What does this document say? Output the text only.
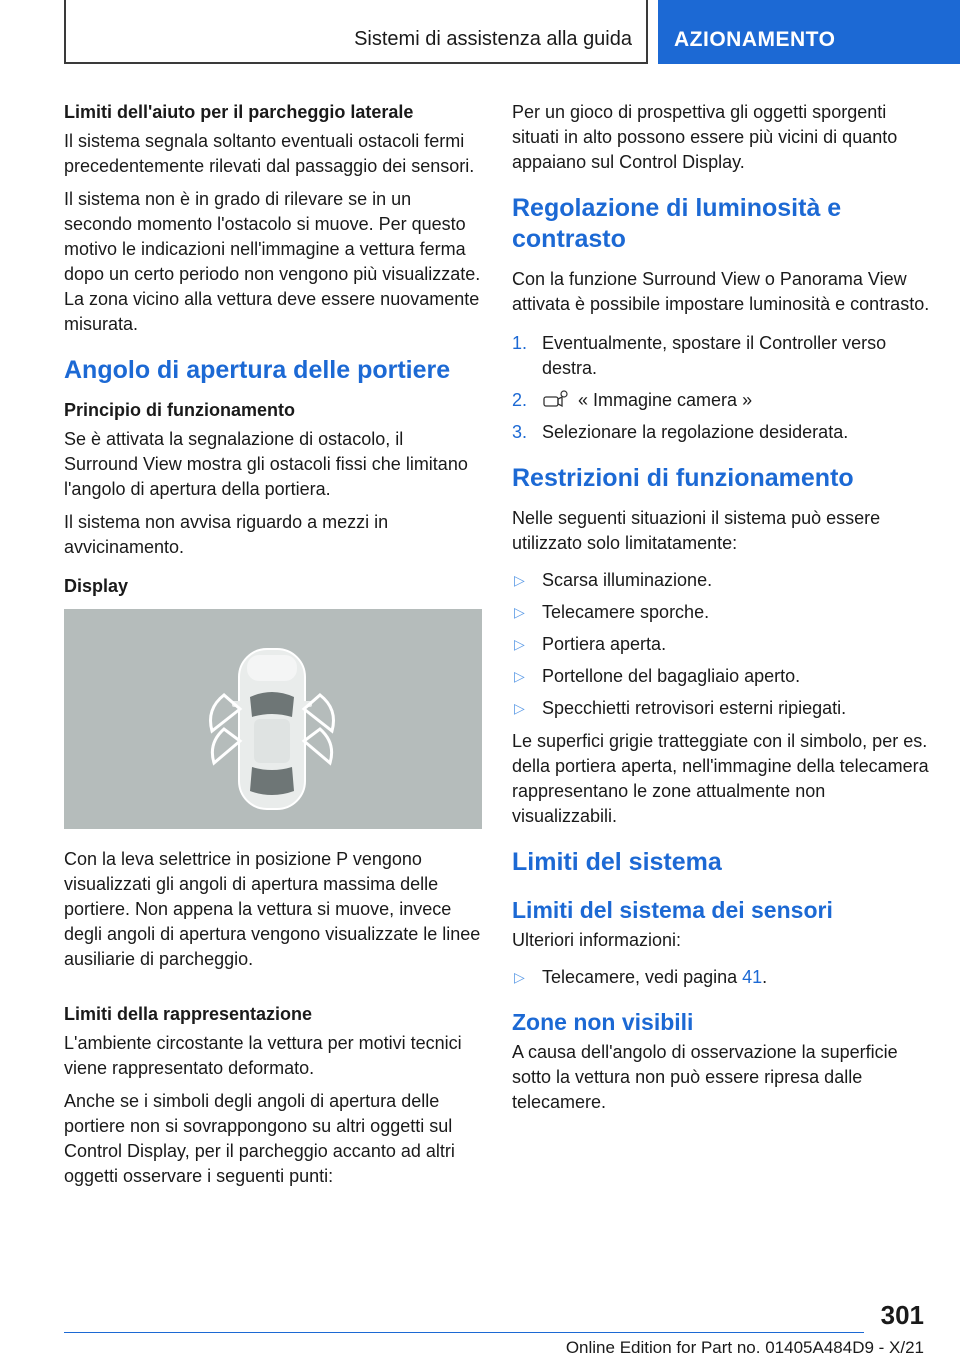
Sistemi di assistenza alla guida AZIONAMENTO
Limiti dell'aiuto per il parcheggio laterale

Il sistema segnala soltanto eventuali ostacoli fermi precedentemente rilevati dal passaggio dei sensori.

Il sistema non è in grado di rilevare se in un secondo momento l'ostacolo si muove. Per questo motivo le indicazioni nell'immagine a vettura ferma dopo un certo periodo non vengono più visualizzate. La zona vicino alla vettura deve essere nuovamente misurata.

Angolo di apertura delle portiere
Principio di funzionamento

Se è attivata la segnalazione di ostacolo, il Surround View mostra gli ostacoli fissi che limitano l'angolo di apertura della portiera.

Il sistema non avvisa riguardo a mezzi in avvicinamento.

Display

Con la leva selettrice in posizione P vengono visualizzati gli angoli di apertura massima delle portiere. Non appena la vettura si muove, invece degli angoli di apertura vengono visualizzate le linee ausiliarie di parcheggio.

Limiti della rappresentazione

L'ambiente circostante la vettura per motivi tecnici viene rappresentato deformato.

Anche se i simboli degli angoli di apertura delle portiere non si sovrappongono su altri oggetti sul Control Display, per il parcheggio accanto ad altri oggetti osservare i seguenti punti:

Per un gioco di prospettiva gli oggetti sporgenti situati in alto possono essere più vicini di quanto appaiano sul Control Display.

Regolazione di luminosità e contrasto

Con la funzione Surround View o Panorama View attivata è possibile impostare luminosità e contrasto.

1. Eventualmente, spostare il Controller verso destra.
2.	« Immagine camera »
3. Selezionare la regolazione desiderata.
Restrizioni di funzionamento

Nelle seguenti situazioni il sistema può essere utilizzato solo limitatamente:

▷ Scarsa illuminazione.
▷ Telecamere sporche.
▷ Portiera aperta.
▷ Portellone del bagagliaio aperto.
▷ Specchietti retrovisori esterni ripiegati.

Le superfici grigie tratteggiate con il simbolo, per es. della portiera aperta, nell'immagine della telecamera rappresentano le zone attualmente non visualizzabili.

Limiti del sistema
Limiti del sistema dei sensori

Ulteriori informazioni:

▷ Telecamere, vedi pagina 41.
Zone non visibili

A causa dell'angolo di osservazione la superficie sotto la vettura non può essere ripresa dalle telecamere.

301
Online Edition for Part no. 01405A484D9 - X/21
